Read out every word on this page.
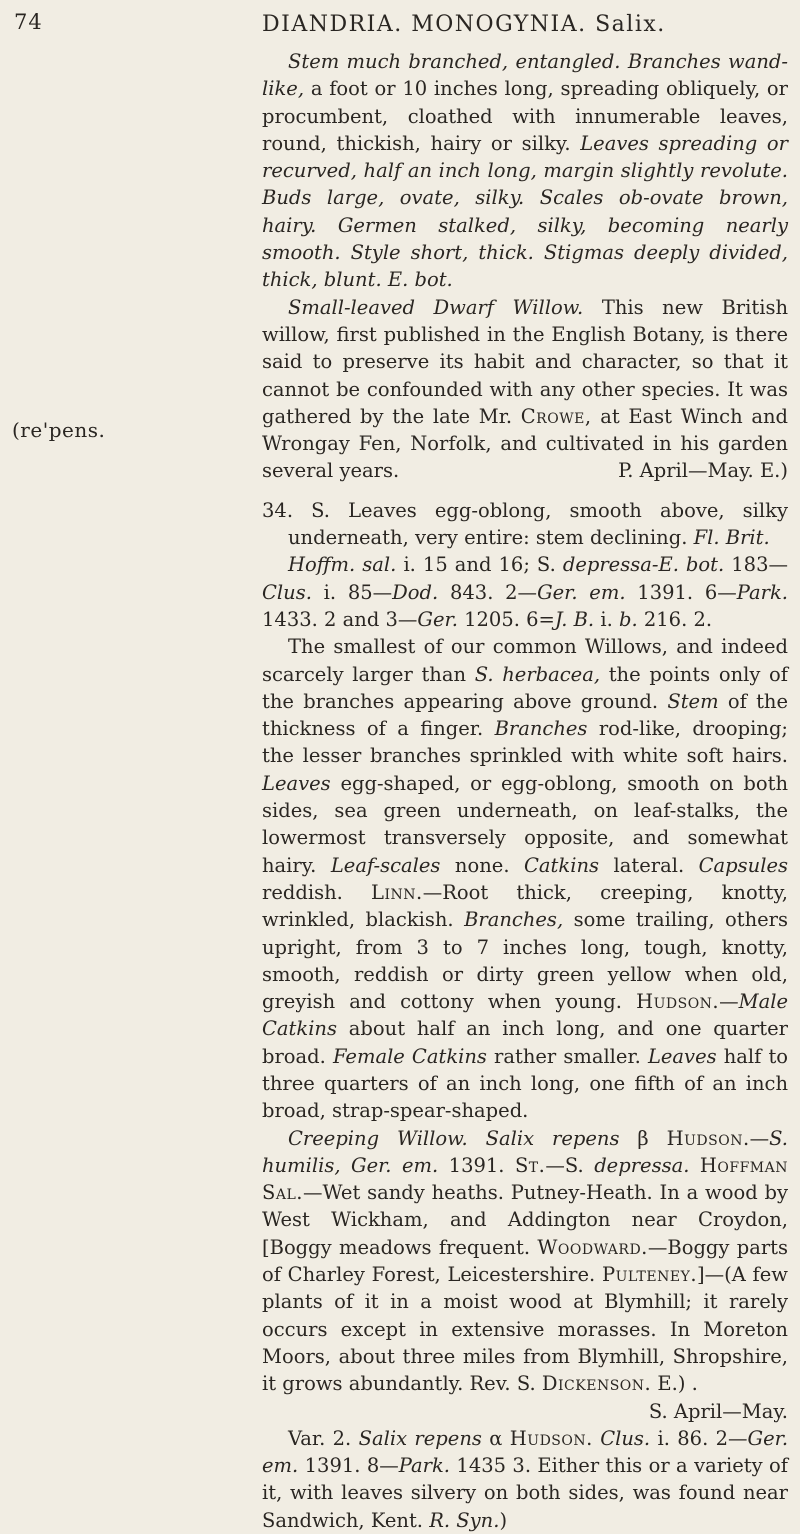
74	DIANDRIA. MONOGYNIA. Salix.
(re'pens.

Stem much branched, entangled. Branches wand-like, a foot or 10 inches long, spreading obliquely, or procumbent, cloathed with innumerable leaves, round, thickish, hairy or silky. Leaves spreading or recurved, half an inch long, margin slightly revolute. Buds large, ovate, silky. Scales ob-ovate brown, hairy. Germen stalked, silky, becoming nearly smooth. Style short, thick. Stigmas deeply divided, thick, blunt. E. bot.

Small-leaved Dwarf Willow. This new British willow, first published in the English Botany, is there said to preserve its habit and character, so that it cannot be confounded with any other species. It was gathered by the late Mr. Crowe, at East Winch and Wrongay Fen, Norfolk, and cultivated in his garden several years.	P. April—May. E.)

34. S. Leaves egg-oblong, smooth above, silky underneath, very entire: stem declining. Fl. Brit.

Hoffm. sal. i. 15 and 16; S. depressa-E. bot. 183—Clus. i. 85—Dod. 843. 2—Ger. em. 1391. 6—Park. 1433. 2 and 3—Ger. 1205. 6=J. B. i. b. 216. 2.

The smallest of our common Willows, and indeed scarcely larger than S. herbacea, the points only of the branches appearing above ground. Stem of the thickness of a finger. Branches rod-like, drooping; the lesser branches sprinkled with white soft hairs. Leaves egg-shaped, or egg-oblong, smooth on both sides, sea green underneath, on leaf-stalks, the lowermost transversely opposite, and somewhat hairy. Leaf-scales none. Catkins lateral. Capsules reddish. Linn.—Root thick, creeping, knotty, wrinkled, blackish. Branches, some trailing, others upright, from 3 to 7 inches long, tough, knotty, smooth, reddish or dirty green yellow when old, greyish and cottony when young. Hudson.—Male Catkins about half an inch long, and one quarter broad. Female Catkins rather smaller. Leaves half to three quarters of an inch long, one fifth of an inch broad, strap-spear-shaped.

Creeping Willow. Salix repens β Hudson.—S. humilis, Ger. em. 1391. St.—S. depressa. Hoffman Sal.—Wet sandy heaths. Putney-Heath. In a wood by West Wickham, and Addington near Croydon, [Boggy meadows frequent. Woodward.—Boggy parts of Charley Forest, Leicestershire. Pulteney.]—(A few plants of it in a moist wood at Blymhill; it rarely occurs except in extensive morasses. In Moreton Moors, about three miles from Blymhill, Shropshire, it grows abundantly. Rev. S. Dickenson. E.) .
S. April—May.

Var. 2. Salix repens α Hudson. Clus. i. 86. 2—Ger. em. 1391. 8—Park. 1435 3. Either this or a variety of it, with leaves silvery on both sides, was found near Sandwich, Kent. R. Syn.)
